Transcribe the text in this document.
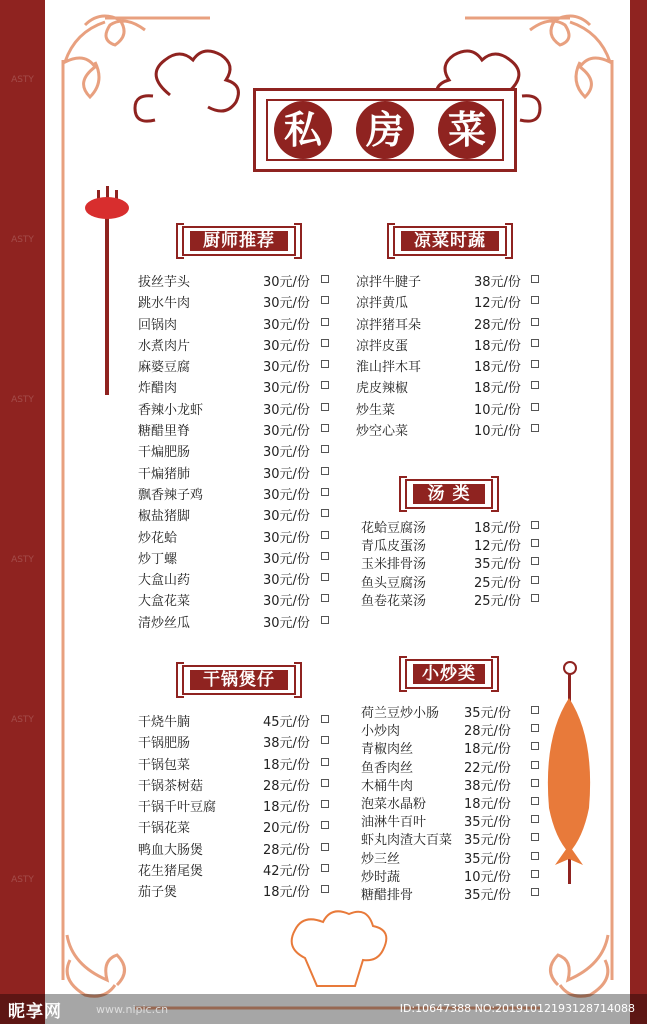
ASTY
ASTY
ASTY
ASTY
ASTY
ASTY
私 房 菜
厨师推荐	凉菜时蔬
汤 类
干锅煲仔	小炒类
拔丝芋头	30元/份
跳水牛肉	30元/份
回锅肉	30元/份
水煮肉片	30元/份
麻婆豆腐	30元/份
炸醋肉	30元/份
香辣小龙虾	30元/份
糖醋里脊	30元/份
干煸肥肠	30元/份
干煸猪肺	30元/份
飘香辣子鸡	30元/份
椒盐猪脚	30元/份
炒花蛤	30元/份
炒丁螺	30元/份
大盒山药	30元/份
大盒花菜	30元/份
清炒丝瓜	30元/份
凉拌牛腱子	38元/份
凉拌黄瓜	12元/份
凉拌猪耳朵	28元/份
凉拌皮蛋	18元/份
淮山拌木耳	18元/份
虎皮辣椒	18元/份
炒生菜	10元/份
炒空心菜	10元/份
花蛤豆腐汤	18元/份
青瓜皮蛋汤	12元/份
玉米排骨汤	35元/份
鱼头豆腐汤	25元/份
鱼卷花菜汤	25元/份
干烧牛腩	45元/份
干锅肥肠	38元/份
干锅包菜	18元/份
干锅茶树菇	28元/份
干锅千叶豆腐	18元/份
干锅花菜	20元/份
鸭血大肠煲	28元/份
花生猪尾煲	42元/份
茄子煲	18元/份
荷兰豆炒小肠 35元/份
小炒肉	28元/份
青椒肉丝	18元/份
鱼香肉丝	22元/份
木桶牛肉	38元/份
泡菜水晶粉	18元/份
油淋牛百叶	35元/份
虾丸肉渣大百菜 35元/份
炒三丝	35元/份
炒时蔬	10元/份
糖醋排骨	35元/份
昵享网	www.nipic.cn	ID:10647388 NO:20191012193128714088
